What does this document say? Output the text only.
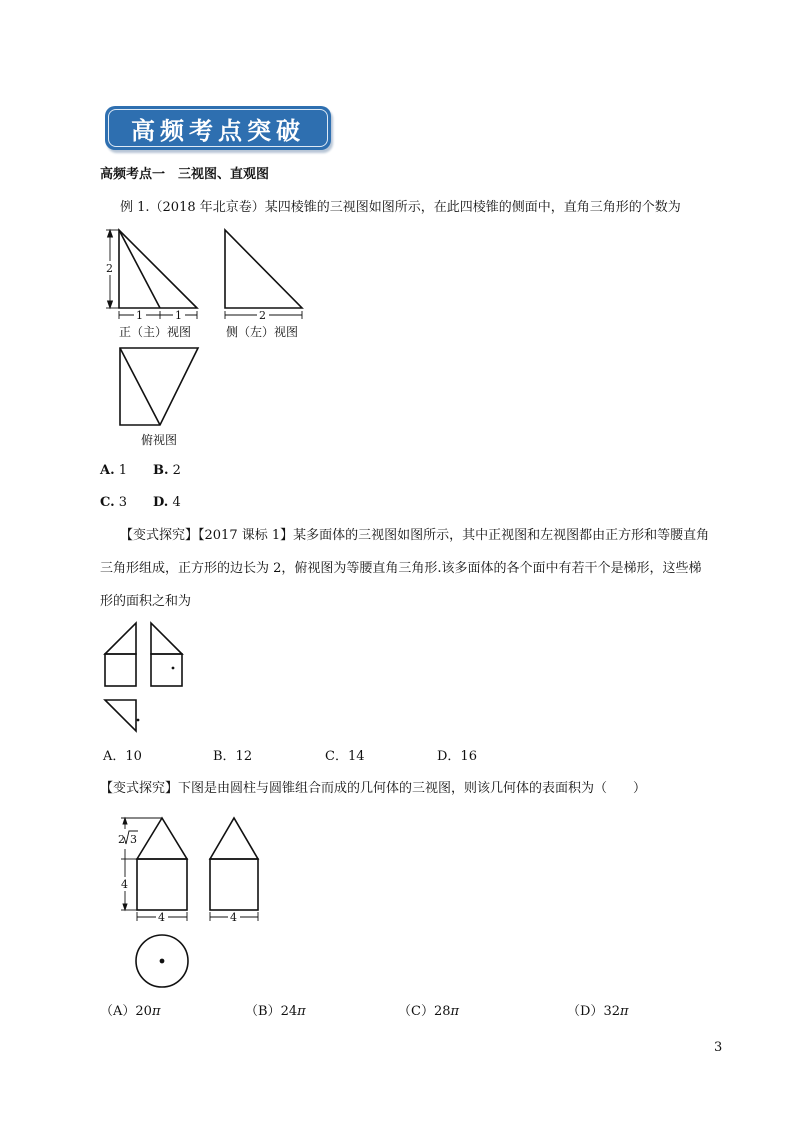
高频考点突破
高频考点一　三视图、直观图
例 1.（2018 年北京卷）某四棱锥的三视图如图所示，在此四棱锥的侧面中，直角三角形的个数为
2
1	1
正（主）视图
2
侧（左）视图
俯视图
A. 1 B. 2
C. 3 D. 4
【变式探究】【2017 课标 1】某多面体的三视图如图所示，其中正视图和左视图都由正方形和等腰直角
三角形组成，正方形的边长为 2，俯视图为等腰直角三角形.该多面体的各个面中有若干个是梯形，这些梯
形的面积之和为
A．10	B．12	C．14	D．16
【变式探究】下图是由圆柱与圆锥组合而成的几何体的三视图，则该几何体的表面积为（　　）
2 3
4
4	4
（A）20π	（B）24π	（C）28π	（D）32π
3
